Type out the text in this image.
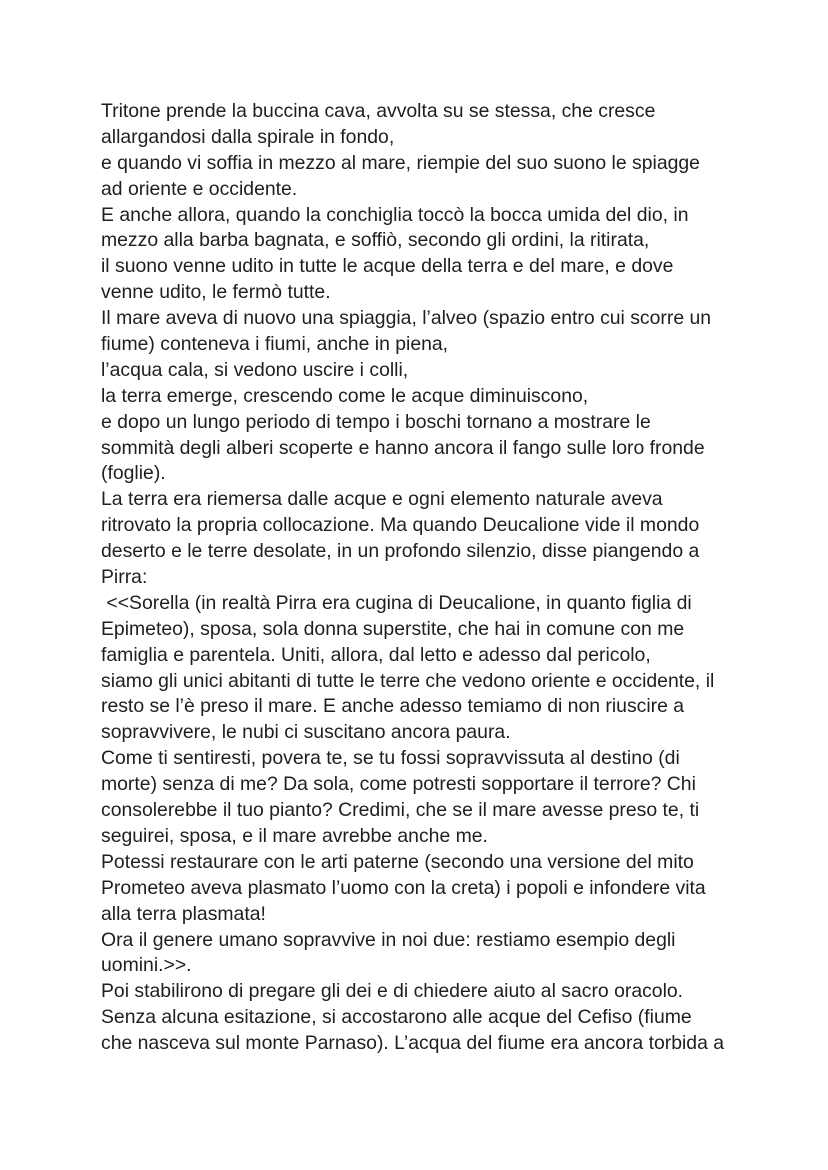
Tritone prende la buccina cava, avvolta su se stessa, che cresce
allargandosi dalla spirale in fondo,
e quando vi soffia in mezzo al mare, riempie del suo suono le spiagge
ad oriente e occidente.
E anche allora, quando la conchiglia toccò la bocca umida del dio, in
mezzo alla barba bagnata, e soffiò, secondo gli ordini, la ritirata,
il suono venne udito in tutte le acque della terra e del mare, e dove
venne udito, le fermò tutte.
Il mare aveva di nuovo una spiaggia, l’alveo (spazio entro cui scorre un
fiume) conteneva i fiumi, anche in piena,
l’acqua cala, si vedono uscire i colli,
la terra emerge, crescendo come le acque diminuiscono,
e dopo un lungo periodo di tempo i boschi tornano a mostrare le
sommità degli alberi scoperte e hanno ancora il fango sulle loro fronde
(foglie).
La terra era riemersa dalle acque e ogni elemento naturale aveva
ritrovato la propria collocazione. Ma quando Deucalione vide il mondo
deserto e le terre desolate, in un profondo silenzio, disse piangendo a
Pirra:
<<Sorella (in realtà Pirra era cugina di Deucalione, in quanto figlia di
Epimeteo), sposa, sola donna superstite, che hai in comune con me
famiglia e parentela. Uniti, allora, dal letto e adesso dal pericolo,
siamo gli unici abitanti di tutte le terre che vedono oriente e occidente, il
resto se l’è preso il mare. E anche adesso temiamo di non riuscire a
sopravvivere, le nubi ci suscitano ancora paura.
Come ti sentiresti, povera te, se tu fossi sopravvissuta al destino (di
morte) senza di me? Da sola, come potresti sopportare il terrore? Chi
consolerebbe il tuo pianto? Credimi, che se il mare avesse preso te, ti
seguirei, sposa, e il mare avrebbe anche me.
Potessi restaurare con le arti paterne (secondo una versione del mito
Prometeo aveva plasmato l’uomo con la creta) i popoli e infondere vita
alla terra plasmata!
Ora il genere umano sopravvive in noi due: restiamo esempio degli
uomini.>>.
Poi stabilirono di pregare gli dei e di chiedere aiuto al sacro oracolo.
Senza alcuna esitazione, si accostarono alle acque del Cefiso (fiume
che nasceva sul monte Parnaso). L’acqua del fiume era ancora torbida a
